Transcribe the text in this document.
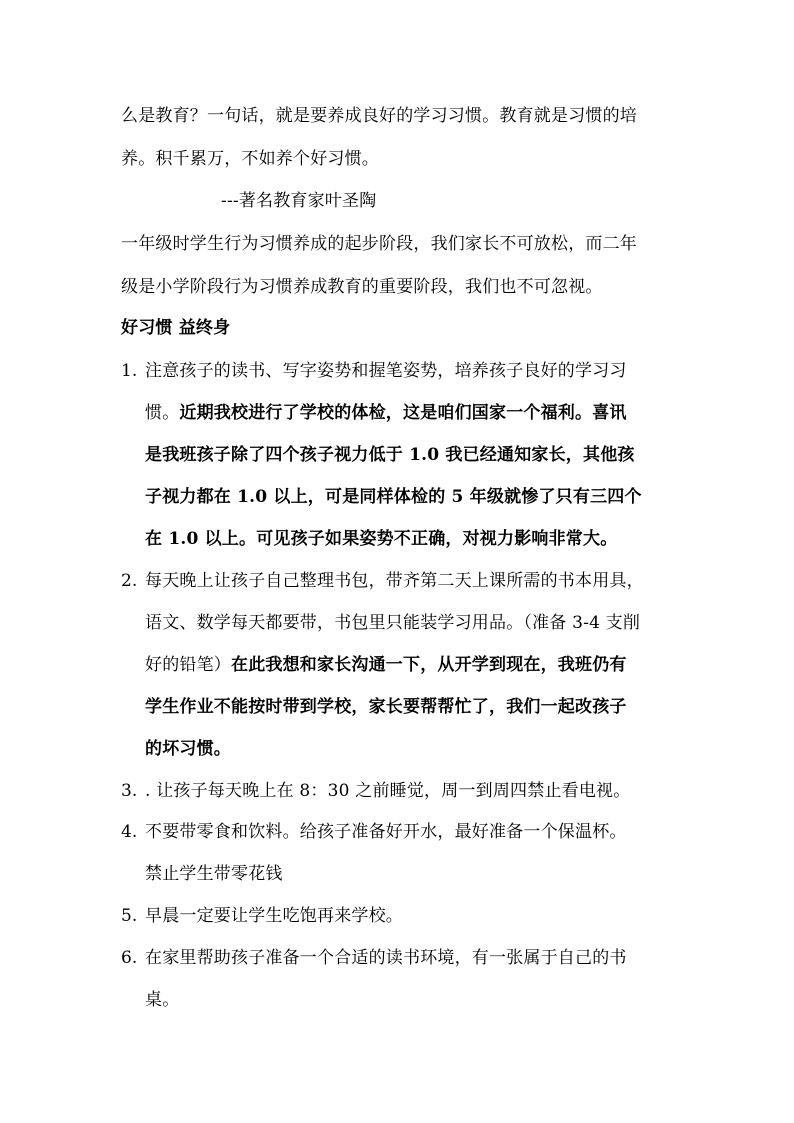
么是教育？一句话，就是要养成良好的学习习惯。教育就是习惯的培
养。积千累万，不如养个好习惯。
---著名教育家叶圣陶
一年级时学生行为习惯养成的起步阶段，我们家长不可放松，而二年
级是小学阶段行为习惯养成教育的重要阶段，我们也不可忽视。
好习惯 益终身
1. 注意孩子的读书、写字姿势和握笔姿势，培养孩子良好的学习习
惯。近期我校进行了学校的体检，这是咱们国家一个福利。喜讯
是我班孩子除了四个孩子视力低于 1.0 我已经通知家长，其他孩
子视力都在 1.0 以上，可是同样体检的 5 年级就惨了只有三四个
在 1.0 以上。可见孩子如果姿势不正确，对视力影响非常大。
2. 每天晚上让孩子自己整理书包，带齐第二天上课所需的书本用具，
语文、数学每天都要带，书包里只能装学习用品。（准备 3-4 支削
好的铅笔）在此我想和家长沟通一下，从开学到现在，我班仍有
学生作业不能按时带到学校，家长要帮帮忙了，我们一起改孩子
的坏习惯。
3. . 让孩子每天晚上在 8：30 之前睡觉，周一到周四禁止看电视。
4. 不要带零食和饮料。给孩子准备好开水，最好准备一个保温杯。
禁止学生带零花钱
5. 早晨一定要让学生吃饱再来学校。
6. 在家里帮助孩子准备一个合适的读书环境，有一张属于自己的书
桌。
